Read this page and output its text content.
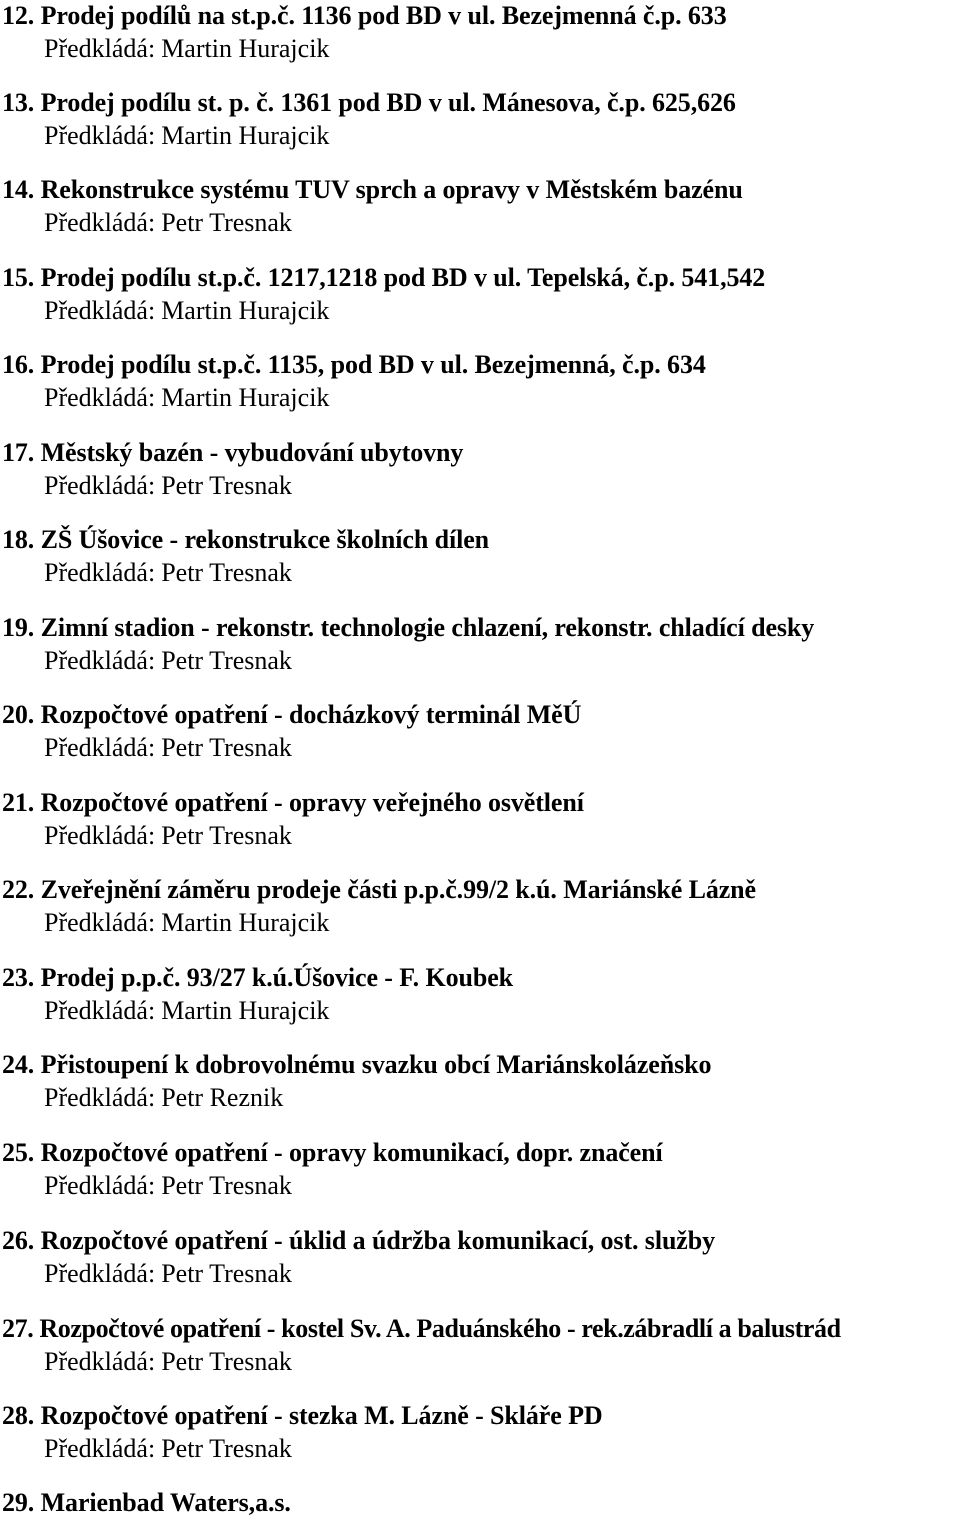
12. Prodej podílů na st.p.č. 1136 pod BD v ul. Bezejmenná č.p. 633
Předkládá: Martin Hurajcik
13. Prodej podílu st. p. č. 1361 pod BD v ul. Mánesova, č.p. 625,626
Předkládá: Martin Hurajcik
14. Rekonstrukce systému TUV sprch a opravy v Městském bazénu
Předkládá: Petr Tresnak
15. Prodej podílu st.p.č. 1217,1218 pod BD v ul. Tepelská, č.p. 541,542
Předkládá: Martin Hurajcik
16. Prodej podílu st.p.č. 1135, pod BD v ul. Bezejmenná, č.p. 634
Předkládá: Martin Hurajcik
17. Městský bazén - vybudování ubytovny
Předkládá: Petr Tresnak
18. ZŠ Úšovice - rekonstrukce školních dílen
Předkládá: Petr Tresnak
19. Zimní stadion - rekonstr. technologie chlazení, rekonstr. chladící desky
Předkládá: Petr Tresnak
20. Rozpočtové opatření - docházkový terminál MěÚ
Předkládá: Petr Tresnak
21. Rozpočtové opatření - opravy veřejného osvětlení
Předkládá: Petr Tresnak
22. Zveřejnění záměru prodeje části p.p.č.99/2 k.ú. Mariánské Lázně
Předkládá: Martin Hurajcik
23. Prodej p.p.č. 93/27 k.ú.Úšovice - F. Koubek
Předkládá: Martin Hurajcik
24. Přistoupení k dobrovolnému svazku obcí Mariánskolázeňsko
Předkládá: Petr Reznik
25. Rozpočtové opatření - opravy komunikací, dopr. značení
Předkládá: Petr Tresnak
26. Rozpočtové opatření - úklid a údržba komunikací, ost. služby
Předkládá: Petr Tresnak
27. Rozpočtové opatření - kostel Sv. A. Paduánského - rek.zábradlí a balustrád
Předkládá: Petr Tresnak
28. Rozpočtové opatření - stezka M. Lázně - Skláře PD
Předkládá: Petr Tresnak
29. Marienbad Waters,a.s.
